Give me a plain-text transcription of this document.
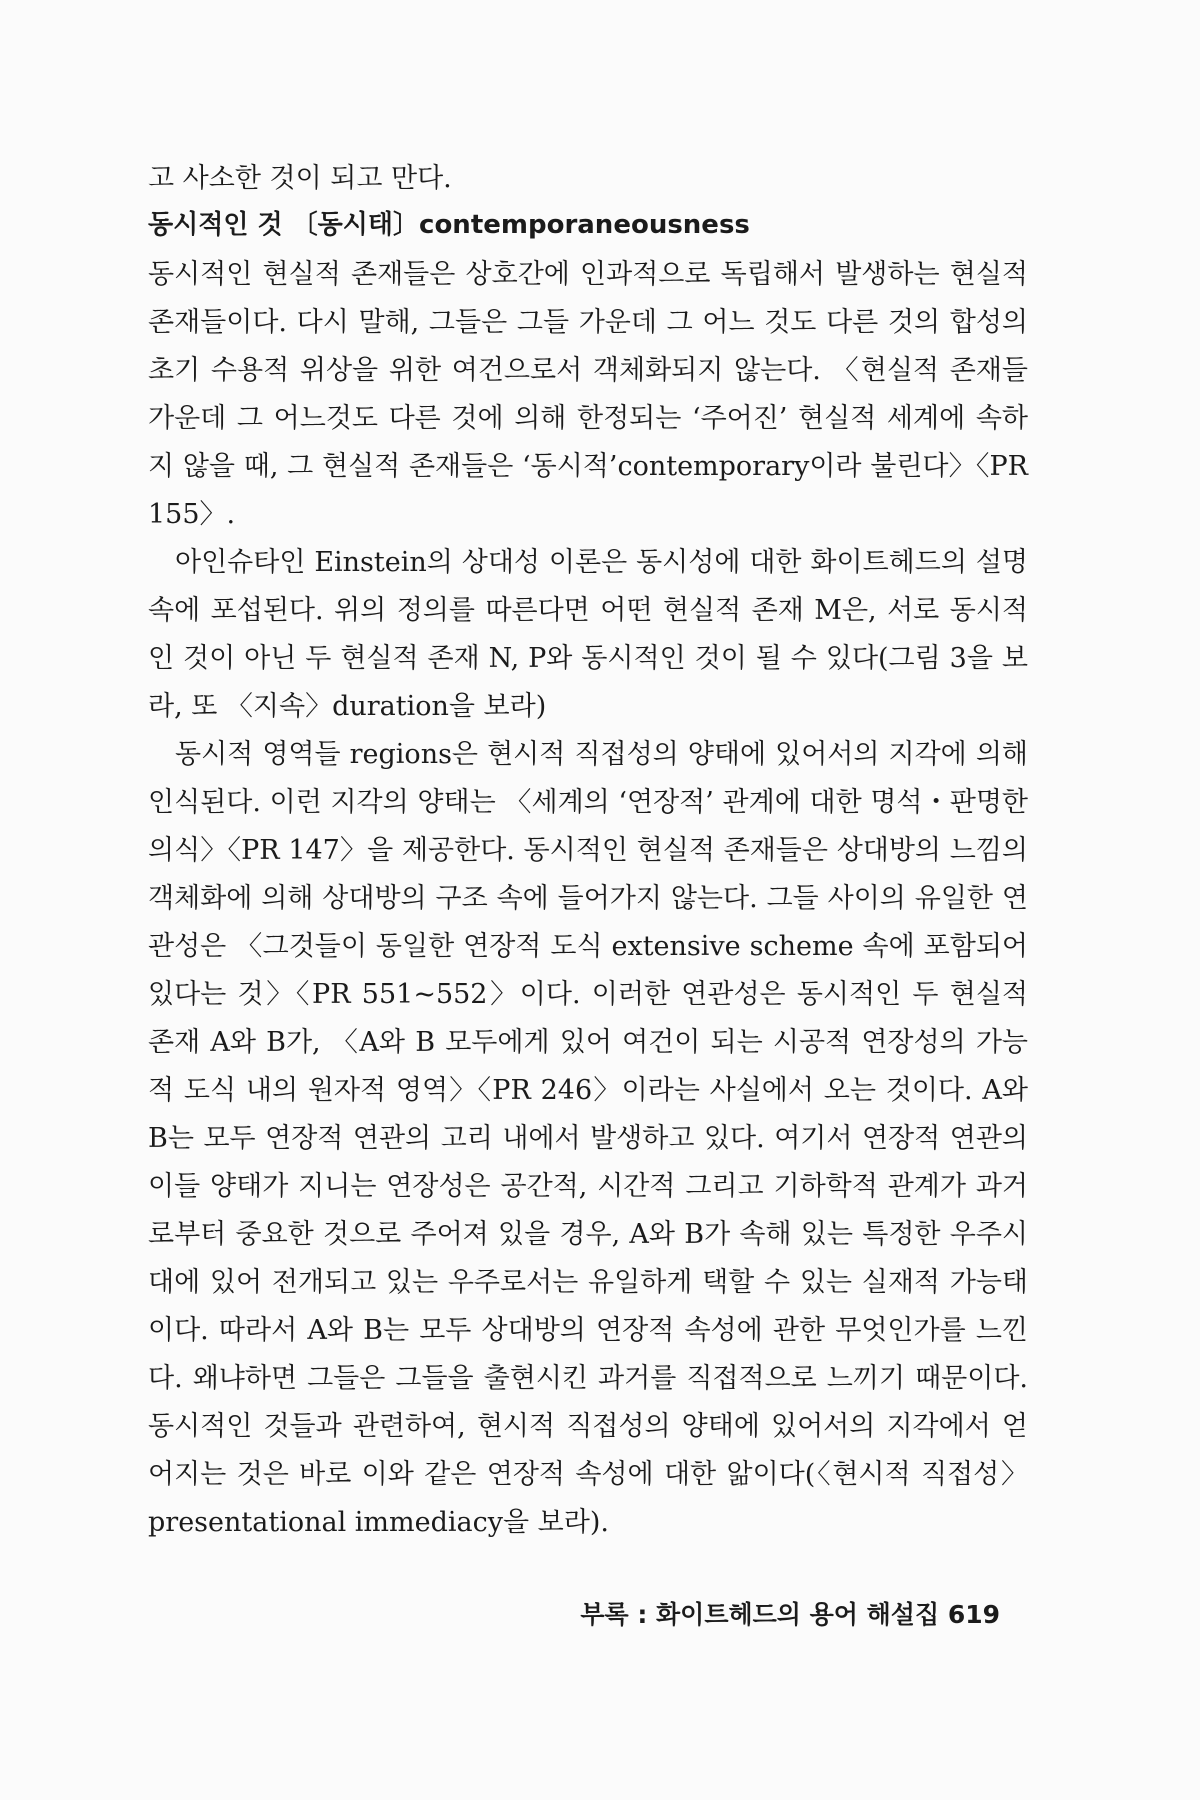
고 사소한 것이 되고 만다.

동시적인 것 〔동시태〕contemporaneousness

동시적인 현실적 존재들은 상호간에 인과적으로 독립해서 발생하는 현실적 존재들이다. 다시 말해, 그들은 그들 가운데 그 어느 것도 다른 것의 합성의 초기 수용적 위상을 위한 여건으로서 객체화되지 않는다. 〈현실적 존재들 가운데 그 어느것도 다른 것에 의해 한정되는 ‘주어진’ 현실적 세계에 속하지 않을 때, 그 현실적 존재들은 ‘동시적’contemporary이라 불린다〉〈PR 155〉.

아인슈타인 Einstein의 상대성 이론은 동시성에 대한 화이트헤드의 설명 속에 포섭된다. 위의 정의를 따른다면 어떤 현실적 존재 M은, 서로 동시적인 것이 아닌 두 현실적 존재 N, P와 동시적인 것이 될 수 있다(그림 3을 보라, 또 〈지속〉duration을 보라)

동시적 영역들 regions은 현시적 직접성의 양태에 있어서의 지각에 의해 인식된다. 이런 지각의 양태는 〈세계의 ‘연장적’ 관계에 대한 명석・판명한 의식〉〈PR 147〉을 제공한다. 동시적인 현실적 존재들은 상대방의 느낌의 객체화에 의해 상대방의 구조 속에 들어가지 않는다. 그들 사이의 유일한 연관성은 〈그것들이 동일한 연장적 도식 extensive scheme 속에 포함되어 있다는 것〉〈PR 551~552〉이다. 이러한 연관성은 동시적인 두 현실적 존재 A와 B가, 〈A와 B 모두에게 있어 여건이 되는 시공적 연장성의 가능적 도식 내의 원자적 영역〉〈PR 246〉이라는 사실에서 오는 것이다. A와 B는 모두 연장적 연관의 고리 내에서 발생하고 있다. 여기서 연장적 연관의 이들 양태가 지니는 연장성은 공간적, 시간적 그리고 기하학적 관계가 과거로부터 중요한 것으로 주어져 있을 경우, A와 B가 속해 있는 특정한 우주시대에 있어 전개되고 있는 우주로서는 유일하게 택할 수 있는 실재적 가능태이다. 따라서 A와 B는 모두 상대방의 연장적 속성에 관한 무엇인가를 느낀다. 왜냐하면 그들은 그들을 출현시킨 과거를 직접적으로 느끼기 때문이다. 동시적인 것들과 관련하여, 현시적 직접성의 양태에 있어서의 지각에서 얻어지는 것은 바로 이와 같은 연장적 속성에 대한 앎이다(〈현시적 직접성〉presentational immediacy을 보라).

부록 : 화이트헤드의 용어 해설집 619
